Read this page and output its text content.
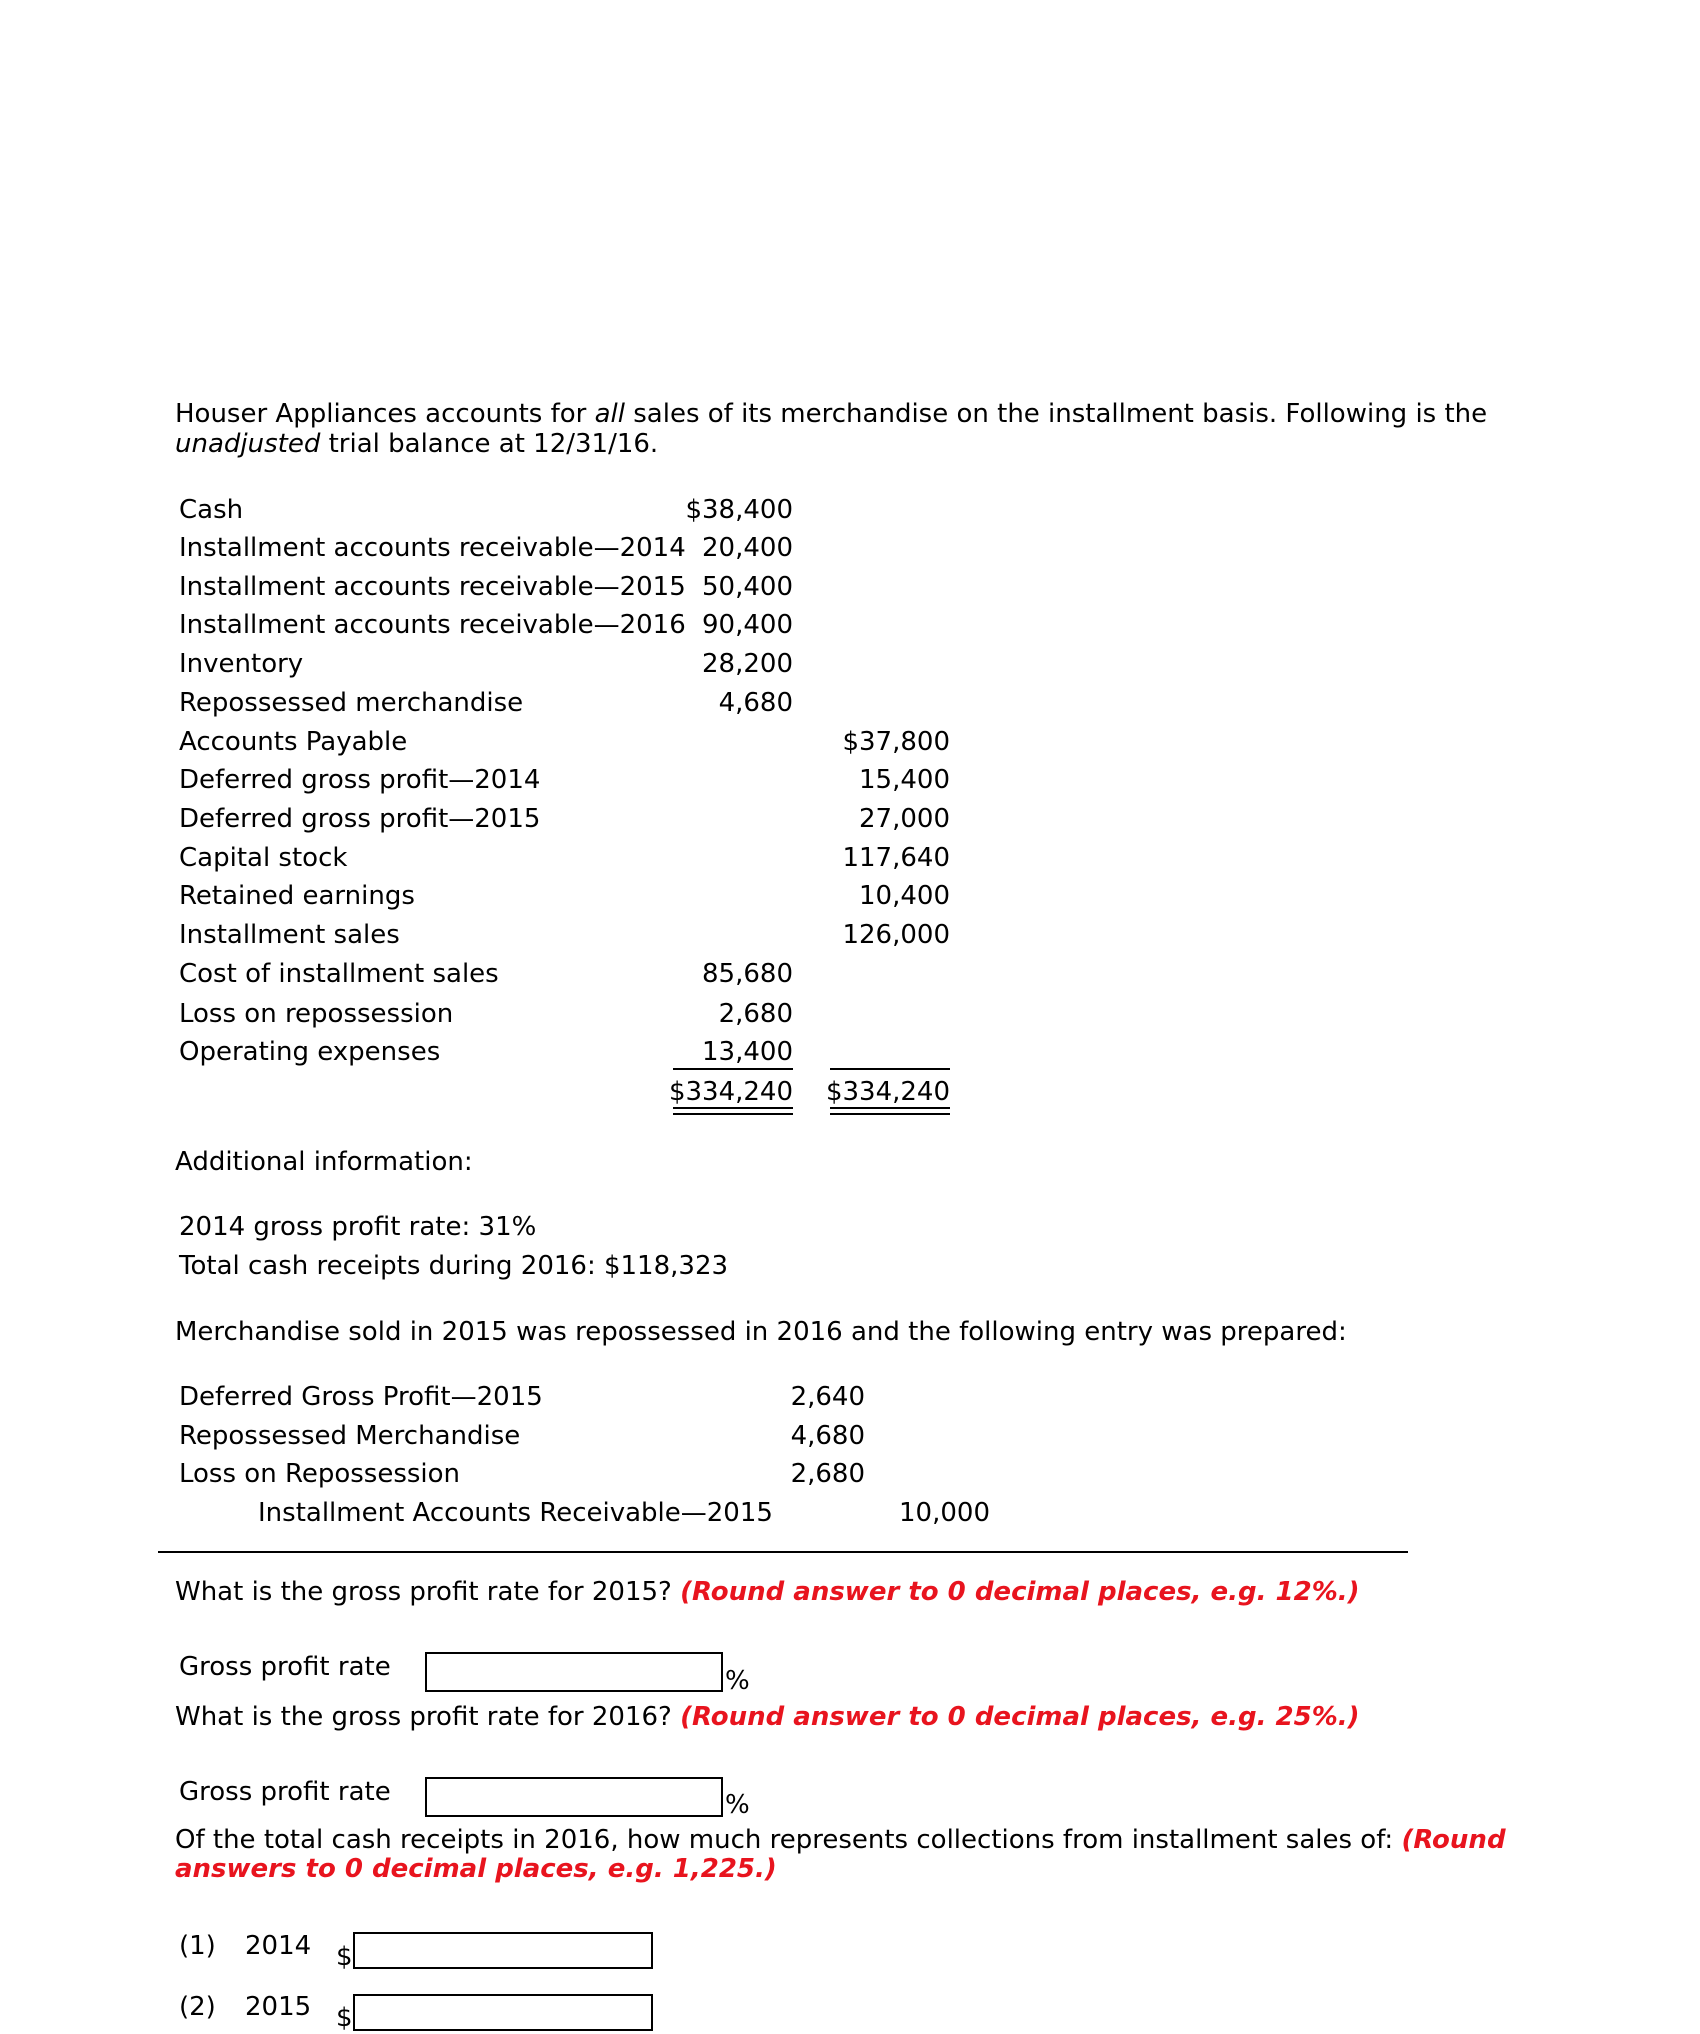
Houser Appliances accounts for all sales of its merchandise on the installment basis. Following is the
unadjusted trial balance at 12/31/16.
Cash	$38,400
Installment accounts receivable—2014 20,400
Installment accounts receivable—2015 50,400
Installment accounts receivable—2016 90,400
Inventory	28,200
Repossessed merchandise	4,680
Accounts Payable	$37,800
Deferred gross profit—2014	15,400
Deferred gross profit—2015	27,000
Capital stock	117,640
Retained earnings	10,400
Installment sales	126,000
Cost of installment sales	85,680
Loss on repossession	2,680
Operating expenses	13,400
$334,240	$334,240
Additional information:
2014 gross profit rate: 31%
Total cash receipts during 2016: $118,323
Merchandise sold in 2015 was repossessed in 2016 and the following entry was prepared:
Deferred Gross Profit—2015	2,640
Repossessed Merchandise	4,680
Loss on Repossession	2,680
Installment Accounts Receivable—2015	10,000
What is the gross profit rate for 2015? (Round answer to 0 decimal places, e.g. 12%.)
Gross profit rate	%
What is the gross profit rate for 2016? (Round answer to 0 decimal places, e.g. 25%.)
Gross profit rate	%
Of the total cash receipts in 2016, how much represents collections from installment sales of: (Round
answers to 0 decimal places, e.g. 1,225.)
(1) 2014 $
(2) 2015 $
